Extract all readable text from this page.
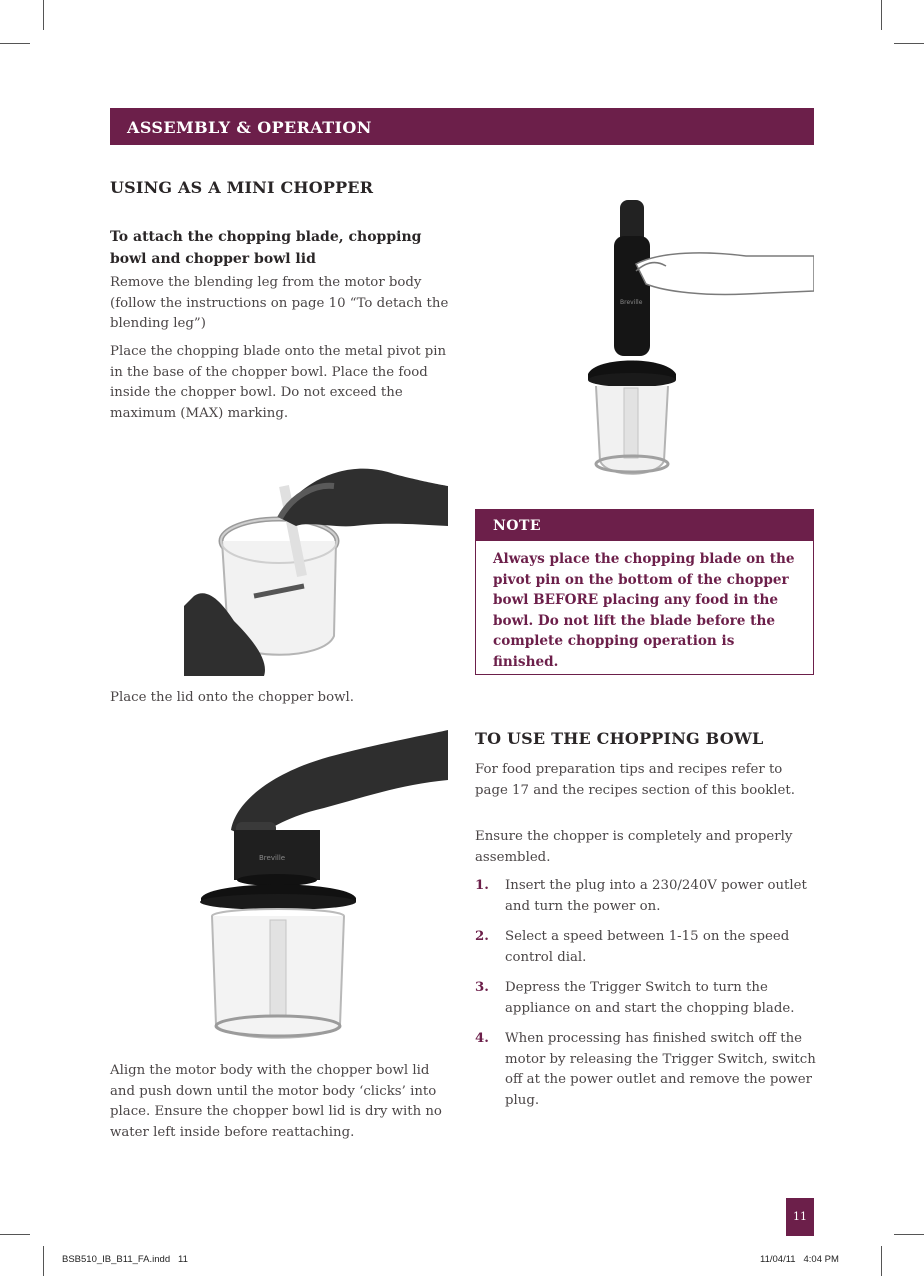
ASSEMBLY & OPERATION
USING AS A MINI CHOPPER
To attach the chopping blade, chopping bowl and chopper bowl lid

Remove the blending leg from the motor body (follow the instructions on page 10 “To detach the blending leg”)

Place the chopping blade onto the metal pivot pin in the base of the chopper bowl. Place the food inside the chopper bowl. Do not exceed the maximum (MAX) marking.

Place the lid onto the chopper bowl.

Breville

Align the motor body with the chopper bowl lid and push down until the motor body ‘clicks’ into place. Ensure the chopper bowl lid is dry with no water left inside before reattaching.

Breville
NOTE
Always place the chopping blade on the pivot pin on the bottom of the chopper bowl BEFORE placing any food in the bowl. Do not lift the blade before the complete chopping operation is finished.
TO USE THE CHOPPING BOWL

For food preparation tips and recipes refer to page 17 and the recipes section of this booklet.

Ensure the chopper is completely and properly assembled.

1. Insert the plug into a 230/240V power outlet and turn the power on.
2. Select a speed between 1-15 on the speed control dial.
3. Depress the Trigger Switch to turn the appliance on and start the chopping blade.
4. When processing has finished switch off the motor by releasing the Trigger Switch, switch off at the power outlet and remove the power plug.
11
BSB510_IB_B11_FA.indd   11	11/04/11   4:04 PM
